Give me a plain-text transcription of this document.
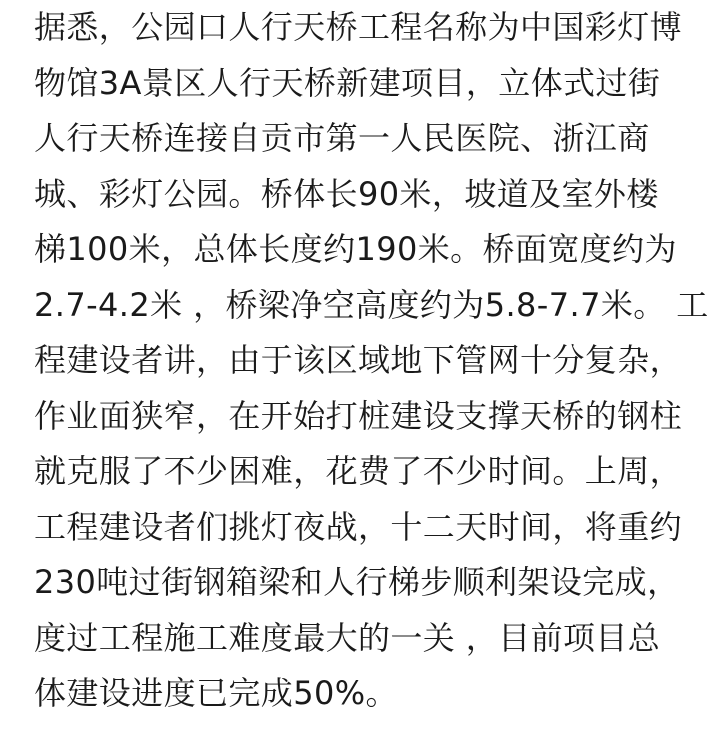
据悉，公园口人行天桥工程名称为中国彩灯博
物馆3A景区人行天桥新建项目，立体式过街
人行天桥连接自贡市第一人民医院、浙江商
城、彩灯公园。桥体长90米，坡道及室外楼
梯100米，总体长度约190米。桥面宽度约为
2.7-4.2米 ，桥梁净空高度约为5.8-7.7米。 工
程建设者讲，由于该区域地下管网十分复杂，
作业面狭窄，在开始打桩建设支撑天桥的钢柱
就克服了不少困难，花费了不少时间。上周，
工程建设者们挑灯夜战，十二天时间，将重约
230吨过街钢箱梁和人行梯步顺利架设完成，
度过工程施工难度最大的一关 ，目前项目总
体建设进度已完成50%。
